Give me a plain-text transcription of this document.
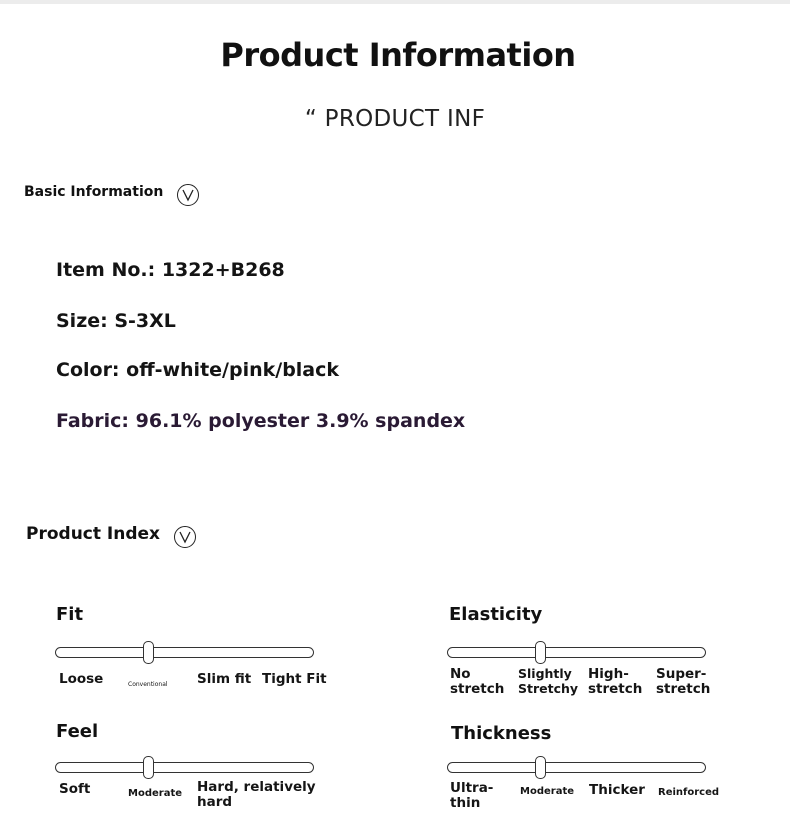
Product Information
“ PRODUCT INF
Basic Information
Item No.: 1322+B268
Size: S-3XL
Color: off-white/pink/black
Fabric: 96.1% polyester 3.9% spandex
Product Index
Fit
Loose	Conventional Slim fit Tight Fit
Elasticity
No stretch
Slightly Stretchy
High-stretch
Super-stretch
Feel
Soft	Moderate Hard, relatively hard
Thickness
Ultra-thin
Moderate Thicker Reinforced
